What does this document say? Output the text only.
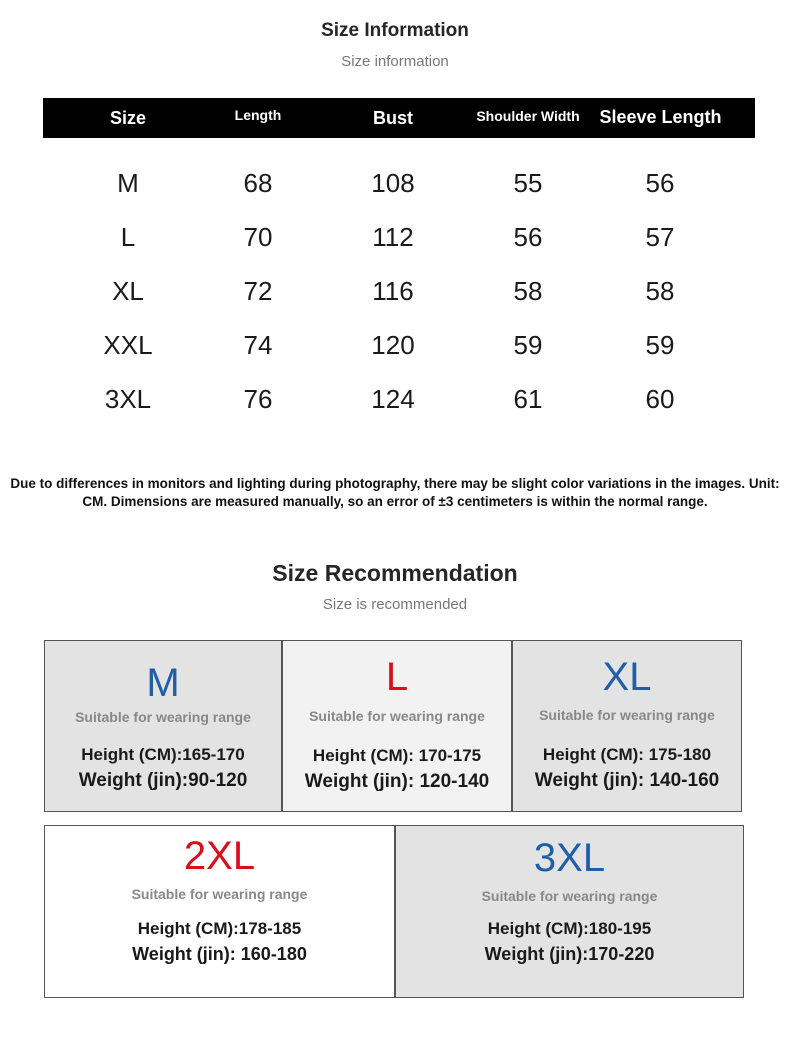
Size Information
Size information
Size	Length	Bust	Shoulder Width	Sleeve Length
M	68	108	55	56
L	70	112	56	57
XL	72	116	58	58
XXL	74	120	59	59
3XL	76	124	61	60
Due to differences in monitors and lighting during photography, there may be slight color variations in the images. Unit: CM. Dimensions are measured manually, so an error of ±3 centimeters is within the normal range.
Size Recommendation
Size is recommended
M
Suitable for wearing range
Height (CM):165-170
Weight (jin):90-120
L
Suitable for wearing range
Height (CM): 170-175
Weight (jin): 120-140
XL
Suitable for wearing range
Height (CM): 175-180
Weight (jin): 140-160
2XL
Suitable for wearing range
Height (CM):178-185
Weight (jin): 160-180
3XL
Suitable for wearing range
Height (CM):180-195
Weight (jin):170-220
